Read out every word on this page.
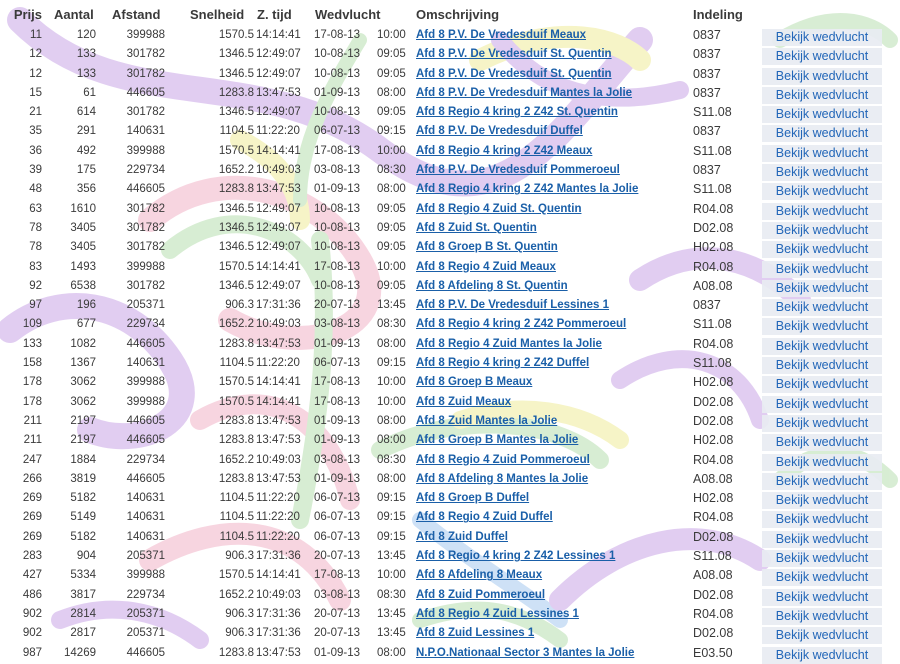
Prijs Aantal Afstand Snelheid Z. tijd Wedvlucht	Omschrijving	Indeling
11	120	399988	1570.5 14:14:41 17-08-13 10:00 Afd 8 P.V. De Vredesduif Meaux	0837	Bekijk wedvlucht
12	133	301782	1346.5 12:49:07 10-08-13 09:05 Afd 8 P.V. De Vredesduif St. Quentin	0837	Bekijk wedvlucht
12	133	301782	1346.5 12:49:07 10-08-13 09:05 Afd 8 P.V. De Vredesduif St. Quentin	0837	Bekijk wedvlucht
15	61	446605	1283.8 13:47:53 01-09-13 08:00 Afd 8 P.V. De Vredesduif Mantes la Jolie	0837	Bekijk wedvlucht
21	614	301782	1346.5 12:49:07 10-08-13 09:05 Afd 8 Regio 4 kring 2 Z42 St. Quentin	S11.08	Bekijk wedvlucht
35	291	140631	1104.5 11:22:20 06-07-13 09:15 Afd 8 P.V. De Vredesduif Duffel	0837	Bekijk wedvlucht
36	492	399988	1570.5 14:14:41 17-08-13 10:00 Afd 8 Regio 4 kring 2 Z42 Meaux	S11.08	Bekijk wedvlucht
39	175	229734	1652.2 10:49:03 03-08-13 08:30 Afd 8 P.V. De Vredesduif Pommeroeul	0837	Bekijk wedvlucht
48	356	446605	1283.8 13:47:53 01-09-13 08:00 Afd 8 Regio 4 kring 2 Z42 Mantes la Jolie	S11.08	Bekijk wedvlucht
63	1610	301782	1346.5 12:49:07 10-08-13 09:05 Afd 8 Regio 4 Zuid St. Quentin	R04.08	Bekijk wedvlucht
78	3405	301782	1346.5 12:49:07 10-08-13 09:05 Afd 8 Zuid St. Quentin	D02.08	Bekijk wedvlucht
78	3405	301782	1346.5 12:49:07 10-08-13 09:05 Afd 8 Groep B St. Quentin	H02.08	Bekijk wedvlucht
83	1493	399988	1570.5 14:14:41 17-08-13 10:00 Afd 8 Regio 4 Zuid Meaux	R04.08	Bekijk wedvlucht
92	6538	301782	1346.5 12:49:07 10-08-13 09:05 Afd 8 Afdeling 8 St. Quentin	A08.08	Bekijk wedvlucht
97	196	205371	906.3 17:31:36 20-07-13 13:45 Afd 8 P.V. De Vredesduif Lessines 1	0837	Bekijk wedvlucht
109	677	229734	1652.2 10:49:03 03-08-13 08:30 Afd 8 Regio 4 kring 2 Z42 Pommeroeul	S11.08	Bekijk wedvlucht
133	1082	446605	1283.8 13:47:53 01-09-13 08:00 Afd 8 Regio 4 Zuid Mantes la Jolie	R04.08	Bekijk wedvlucht
158	1367	140631	1104.5 11:22:20 06-07-13 09:15 Afd 8 Regio 4 kring 2 Z42 Duffel	S11.08	Bekijk wedvlucht
178	3062	399988	1570.5 14:14:41 17-08-13 10:00 Afd 8 Groep B Meaux	H02.08	Bekijk wedvlucht
178	3062	399988	1570.5 14:14:41 17-08-13 10:00 Afd 8 Zuid Meaux	D02.08	Bekijk wedvlucht
211	2197	446605	1283.8 13:47:53 01-09-13 08:00 Afd 8 Zuid Mantes la Jolie	D02.08	Bekijk wedvlucht
211	2197	446605	1283.8 13:47:53 01-09-13 08:00 Afd 8 Groep B Mantes la Jolie	H02.08	Bekijk wedvlucht
247	1884	229734	1652.2 10:49:03 03-08-13 08:30 Afd 8 Regio 4 Zuid Pommeroeul	R04.08	Bekijk wedvlucht
266	3819	446605	1283.8 13:47:53 01-09-13 08:00 Afd 8 Afdeling 8 Mantes la Jolie	A08.08	Bekijk wedvlucht
269	5182	140631	1104.5 11:22:20 06-07-13 09:15 Afd 8 Groep B Duffel	H02.08	Bekijk wedvlucht
269	5149	140631	1104.5 11:22:20 06-07-13 09:15 Afd 8 Regio 4 Zuid Duffel	R04.08	Bekijk wedvlucht
269	5182	140631	1104.5 11:22:20 06-07-13 09:15 Afd 8 Zuid Duffel	D02.08	Bekijk wedvlucht
283	904	205371	906.3 17:31:36 20-07-13 13:45 Afd 8 Regio 4 kring 2 Z42 Lessines 1	S11.08	Bekijk wedvlucht
427	5334	399988	1570.5 14:14:41 17-08-13 10:00 Afd 8 Afdeling 8 Meaux	A08.08	Bekijk wedvlucht
486	3817	229734	1652.2 10:49:03 03-08-13 08:30 Afd 8 Zuid Pommeroeul	D02.08	Bekijk wedvlucht
902	2814	205371	906.3 17:31:36 20-07-13 13:45 Afd 8 Regio 4 Zuid Lessines 1	R04.08	Bekijk wedvlucht
902	2817	205371	906.3 17:31:36 20-07-13 13:45 Afd 8 Zuid Lessines 1	D02.08	Bekijk wedvlucht
987	14269	446605	1283.8 13:47:53 01-09-13 08:00 N.P.O.Nationaal Sector 3 Mantes la Jolie	E03.50	Bekijk wedvlucht
